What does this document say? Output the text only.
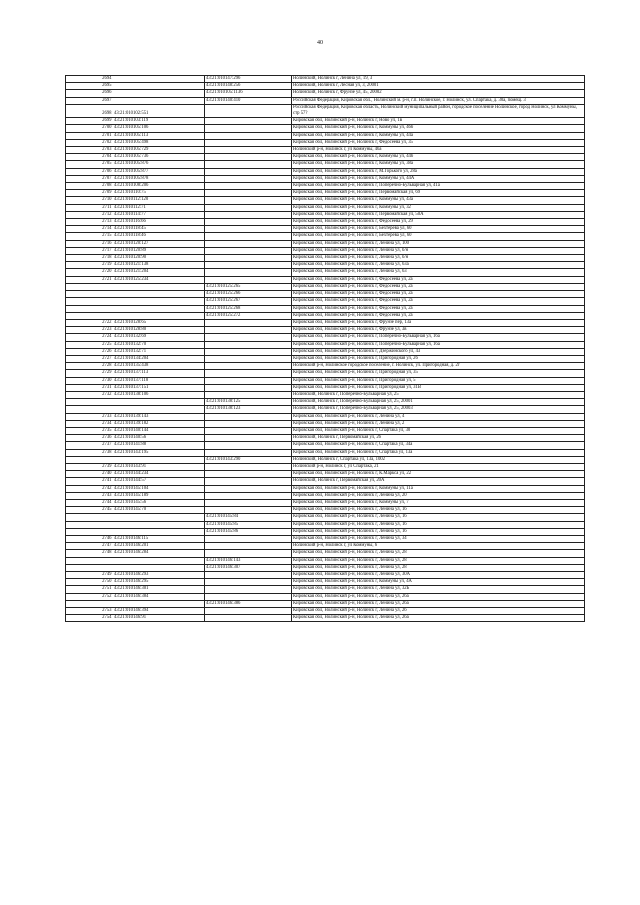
40
2694		43:21:010147:296	Нолинский, Нолинск г, Ленина ул, 19, 3
2695		43:21:010148:256	Нолинский, Нолинск г, Лесная ул, 3, 20001
2696		43:21:010105:1136	Нолинский, Нолинск г, Фрунзе ул, 45, 20002
2697		43:21:010140:410	Российская Федерация, Кировская обл., Нолинский м. р-н, г.п. Нолинское, г. Нолинск, ул. Спартака, д. 30а, помещ. 3
2698	43:21:010102:551		Российская Федерация, Кировская область, Нолинский муниципальный район, городское поселение Нолинское, город Нолинск, ул Коммуны, стр 57?
2699	43:21:010103:119		Кировская обл, Нолинский р-н, Нолинск г, Ново ул, 1в
2700	43:21:010105:106		Кировская обл, Нолинский р-н, Нолинск г, Коммуны ул, 46б
2701	43:21:010105:113		Кировская обл, Нолинский р-н, Нолинск г, Коммуны ул, 44а
2702	43:21:010105:498		Кировская обл, Нолинский р-н, Нолинск г, Федосеева ул, 35
2703	43:21:010105:729		Нолинский р-н, Нолинск г, ул Коммуны, 46а
2704	43:21:010105:736		Кировская обл, Нолинский р-н, Нолинск г, Коммуны ул, 44б
2705	43:21:010105:876		Кировская обл, Нолинский р-н, Нолинск г, Коммуны ул, 38а
2706	43:21:010105:877		Кировская обл, Нолинский р-н, Нолинск г, М.Горького ул, 28а
2707	43:21:010105:878		Кировская обл, Нолинский р-н, Нолинск г, Коммуны ул, 44А
2708	43:21:010108:206		Кировская обл, Нолинский р-н, Нолинск г, Поперечно-Бульварная ул, 41а
2709	43:21:010110:75		Кировская обл, Нолинский р-н, Нолинск г, Первомайская ул, 69
2710	43:21:010112:120		Кировская обл, Нолинский р-н, Нолинск г, Коммуны ул, 43а
2711	43:21:010112:71		Кировская обл, Нолинский р-н, Нолинск г, Коммуны ул, 32
2712	43:21:010114:77		Кировская обл, Нолинский р-н, Нолинск г, Первомайская ул, 50А
2713	43:21:010116:66		Кировская обл, Нолинский р-н, Нолинск г, Федосеева ул, 29
2714	43:21:010118:45		Кировская обл, Нолинский р-н, Нолинск г, Бехтерева ул, 60
2715	43:21:010118:46		Кировская обл, Нолинский р-н, Нолинск г, Бехтерева ул, 60
2716	43:21:010120:127		Кировская обл, Нолинский р-н, Нолинск г, Ленина ул, 100
2717	43:21:010120:89		Кировская обл, Нолинский р-н, Нолинск г, Ленина ул, б/н
2718	43:21:010120:90		Кировская обл, Нолинский р-н, Нолинск г, Ленина ул, б/н
2719	43:21:010121:138		Кировская обл, Нолинский р-н, Нолинск г, Ленина ул, 63а
2720	43:21:010121:204		Кировская обл, Нолинский р-н, Нолинск г, Ленина ул, 63
2721	43:21:010125:234		Кировская обл, Нолинский р-н, Нолинск г, Федосеева ул, 2а
		43:21:010125:265	Кировская обл, Нолинский р-н, Нолинск г, Федосеева ул, 2а
		43:21:010125:266	Кировская обл, Нолинский р-н, Нолинск г, Федосеева ул, 2а
		43:21:010125:267	Кировская обл, Нолинский р-н, Нолинск г, Федосеева ул, 2а
		43:21:010125:268	Кировская обл, Нолинский р-н, Нолинск г, Федосеева ул, 2а
		43:21:010125:272	Кировская обл, Нолинский р-н, Нолинск г, Федосеева ул, 2а
2722	43:21:010128:65		Кировская обл, Нолинский р-н, Нолинск г, Фрунзе пер, 13а
2723	43:21:010128:80		Кировская обл, Нолинский р-н, Нолинск г, Фрунзе ул, 3в
2724	43:21:010132:69		Кировская обл, Нолинский р-н, Нолинск г, Поперечно-Бульварная ул, 16а
2725	43:21:010132:70		Кировская обл, Нолинский р-н, Нолинск г, Поперечно-Бульварная ул, 16а
2726	43:21:010132:71		Кировская обл, Нолинский р-н, Нолинск г, Дзержинского ул, 43
2727	43:21:010134:204		Кировская обл, Нолинский р-н, Нолинск г, Пригородная ул, 26
2728	43:21:010135:438		Нолинский р-н, Нолинское городское поселение, г. Нолинск, ул. Пригородная, д. 2г
2729	43:21:010137:113		Кировская обл, Нолинский р-н, Нолинск г, Пригородная ул, 35
2730	43:21:010137:118		Кировская обл, Нолинский р-н, Нолинск г, Пригородная ул, 5
2731	43:21:010137:151		Кировская обл, Нолинский р-н, Нолинск г, Пригородная ул, 31В
2732	43:21:010138:106		Нолинский, Нолинск г, Поперечно-Бульварная ул, 25
		43:21:010138:125	Нолинский, Нолинск г, Поперечно-Бульварная ул, 25, 20001
		43:21:010138:123	Нолинский, Нолинск г, Поперечно-Бульварная ул, 25, 20003
2733	43:21:010139:143		Кировская обл, Нолинский р-н, Нолинск г, Ленина ул, 4
2734	43:21:010139:182		Кировская обл, Нолинский р-н, Нолинск г, Ленина ул, 2
2735	43:21:010140:144		Кировская обл, Нолинский р-н, Нолинск г, Спартака ул, 30
2736	43:21:010140:56		Нолинский, Нолинск г, Первомайская ул, 26
2737	43:21:010141:88		Кировская обл, Нолинский р-н, Нолинск г, Спартака ул, 34а
2738	43:21:010143:195		Кировская обл, Нолинский р-н, Нолинск г, Спартака ул, 13а
		43:21:010143:290	Нолинский, Нолинск г, Спартака ул, 13а, 1002
2739	43:21:010143:91		Нолинский р-н, Нолинск г, ул Спартака, 21
2740	43:21:010144:234		Кировская обл, Нолинский р-н, Нолинск г, К.Маркса ул, 22
2741	43:21:010144:57		Нолинский, Нолинск г, Первомайская ул, 20А
2742	43:21:010145:104		Кировская обл, Нолинский р-н, Нолинск г, Коммуны ул, 11а
2743	43:21:010145:189		Кировская обл, Нолинский р-н, Нолинск г, Ленина ул, 20
2744	43:21:010145:56		Кировская обл, Нолинский р-н, Нолинск г, Коммуны ул, 7
2745	43:21:010145:70		Кировская обл, Нолинский р-н, Нолинск г, Ленина ул, 16
		43:21:010145:84	Кировская обл, Нолинский р-н, Нолинск г, Ленина ул, 16
		43:21:010145:85	Кировская обл, Нолинский р-н, Нолинск г, Ленина ул, 16
		43:21:010145:86	Кировская обл, Нолинский р-н, Нолинск г, Ленина ул, 16
2746	43:21:010146:115		Кировская обл, Нолинский р-н, Нолинск г, Ленина ул, 34
2747	43:21:010146:201		Нолинский р-н, Нолинск г, ул Коммуны, 6
2748	43:21:010146:284		Кировская обл, Нолинский р-н, Нолинск г, Ленина ул, 28
		43:21:010146:143	Кировская обл, Нолинский р-н, Нолинск г, Ленина ул, 28
		43:21:010146:307	Кировская обл, Нолинский р-н, Нолинск г, Ленина ул, 28
2749	43:21:010146:293		Кировская обл, Нолинский р-н, Нолинск г, Ленина ул, 30А
2750	43:21:010146:295		Кировская обл, Нолинский р-н, Нолинск г, Коммуны ул, 4А
2751	43:21:010146:301		Кировская обл, Нолинский р-н, Нолинск г, Ленина ул, 32Б
2752	43:21:010146:384		Кировская обл, Нолинский р-н, Нолинск г, Ленина ул, 26а
		43:21:010146:386	Кировская обл, Нолинский р-н, Нолинск г, Ленина ул, 26а
2753	43:21:010146:394		Кировская обл, Нолинский р-н, Нолинск г, Ленина ул, 26
2754	43:21:010146:91		Кировская обл, Нолинский р-н, Нолинск г, Ленина ул, 26а
